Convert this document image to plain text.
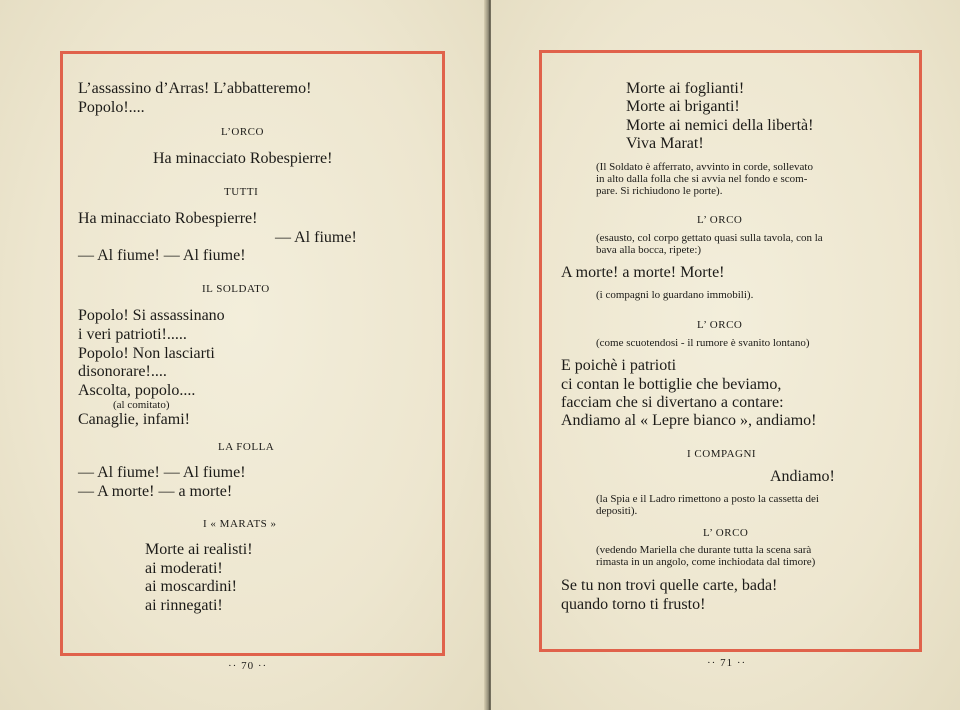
L’assassino d’Arras! L’abbatteremo!
Popolo!....
L’ORCO
Ha minacciato Robespierre!
TUTTI
Ha minacciato Robespierre!
— Al fiume!
— Al fiume! — Al fiume!
IL SOLDATO
Popolo! Si assassinano
i veri patrioti!.....
Popolo! Non lasciarti
disonorare!....
Ascolta, popolo....
(al comitato)
Canaglie, infami!
LA FOLLA
— Al fiume! — Al fiume!
— A morte! — a morte!
I « MARATS »
Morte ai realisti!
ai moderati!
ai moscardini!
ai rinnegati!
·· 70 ··
Morte ai foglianti!
Morte ai briganti!
Morte ai nemici della libertà!
Viva Marat!
(Il Soldato è afferrato, avvinto in corde, sollevato
in alto dalla folla che si avvia nel fondo e scom-
pare. Si richiudono le porte).
L’ ORCO
(esausto, col corpo gettato quasi sulla tavola, con la
bava alla bocca, ripete:)
A morte! a morte! Morte!
(i compagni lo guardano immobili).
L’ ORCO
(come scuotendosi - il rumore è svanito lontano)
E poichè i patrioti
ci contan le bottiglie che beviamo,
facciam che si divertano a contare:
Andiamo al « Lepre bianco », andiamo!
I COMPAGNI
Andiamo!
(la Spia e il Ladro rimettono a posto la cassetta dei
depositi).
L’ ORCO
(vedendo Mariella che durante tutta la scena sarà
rimasta in un angolo, come inchiodata dal timore)
Se tu non trovi quelle carte, bada!
quando torno ti frusto!
·· 71 ··
